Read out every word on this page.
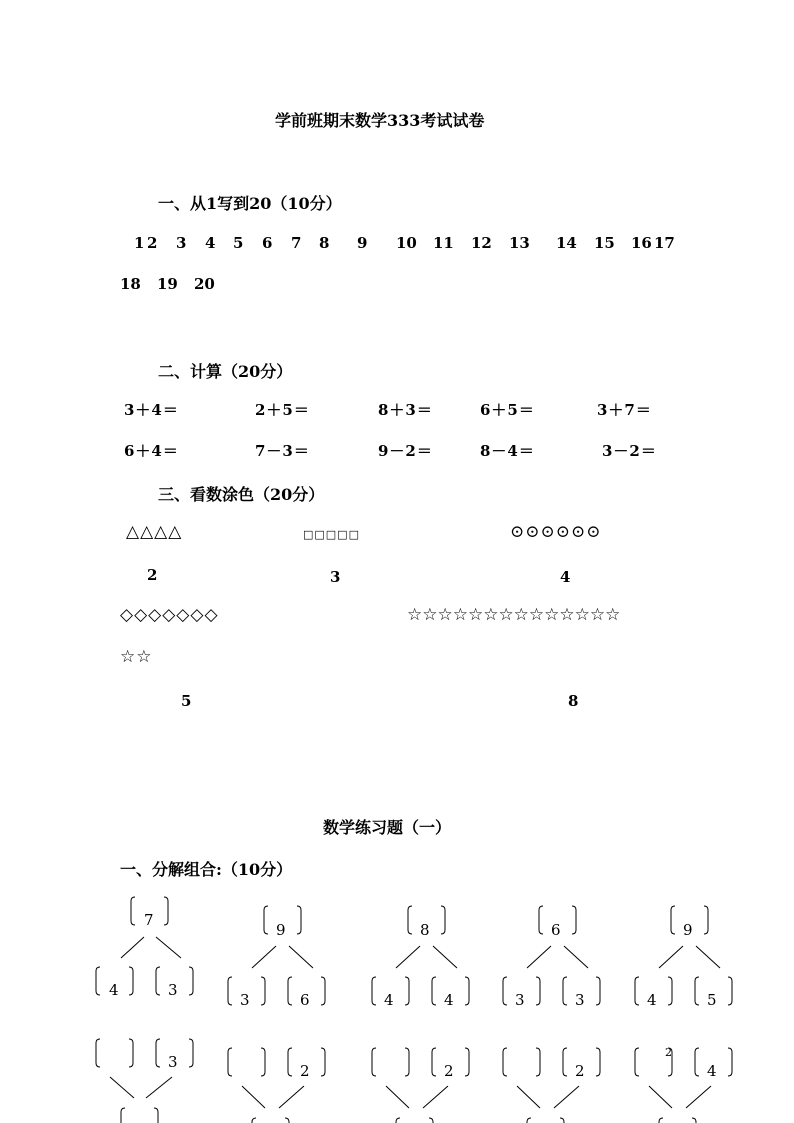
学前班期末数学333考试试卷
一、从1写到20（10分）
1 2 3 4 5 6 7 8 9 10 11 12 13 14 15 16 17
18 19 20
二、计算（20分）
3＋4＝	2＋5＝	8＋3＝	6＋5＝	3＋7＝
6＋4＝	7－3＝	9－2＝	8－4＝	3－2＝
三、看数涂色（20分）
△△△△	□□□□□	⊙⊙⊙⊙⊙⊙
2	3	4
◇◇◇◇◇◇◇	☆☆☆☆☆☆☆☆☆☆☆☆☆☆
☆☆
5	8
数学练习题（一）
一、分解组合:（10分）
7
4	3
9
3	6
8
4	4
6
3	3
9
4	5
3	2	2	2
2
4
